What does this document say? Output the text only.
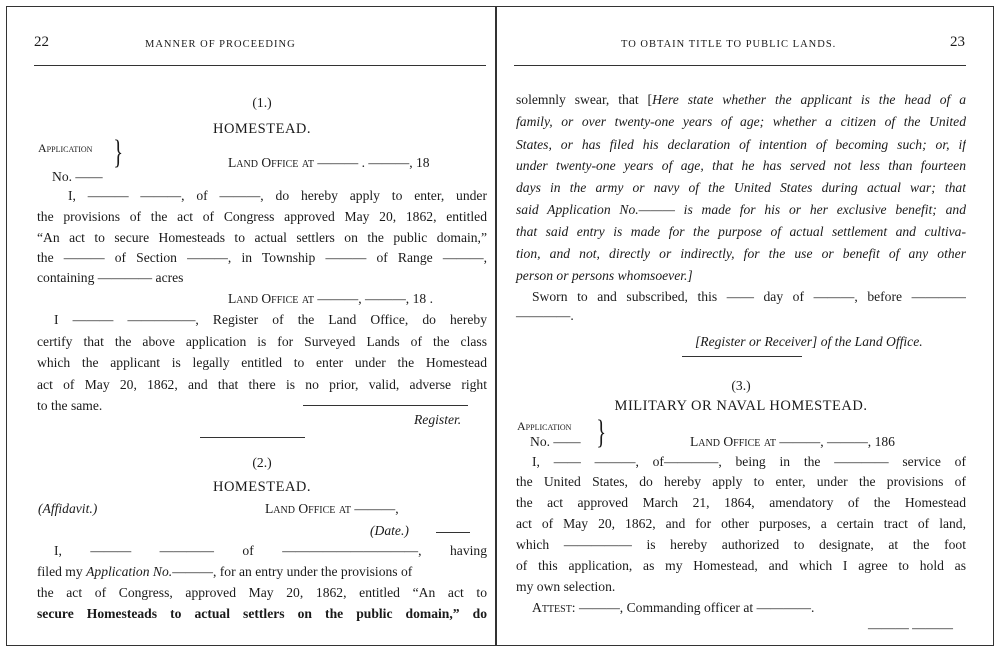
22	MANNER OF PROCEEDING
(1.)
HOMESTEAD.
Application }
No. ——
Land Office at ——— . ———, 18
I, ——— ———, of ———, do hereby apply to enter, under
the provisions of the act of Congress approved May 20, 1862, entitled
“An act to secure Homesteads to actual settlers on the public domain,”
the ——— of Section ———, in Township ——— of Range ———,
containing ———— acres
Land Office at ———, ———, 18 .
I ——— —————, Register of the Land Office, do hereby
certify that the above application is for Surveyed Lands of the class
which the applicant is legally entitled to enter under the Homestead
act of May 20, 1862, and that there is no prior, valid, adverse right
to the same.
Register.
(2.)
HOMESTEAD.
(Affidavit.)	Land Office at ———,
(Date.)
I, ——— ———— of ——————————, having
filed my Application No.———, for an entry under the provisions of
the act of Congress, approved May 20, 1862, entitled “An act to
secure Homesteads to actual settlers on the public domain,” do
TO OBTAIN TITLE TO PUBLIC LANDS.	23
solemnly swear, that [Here state whether the applicant is the head of a
family, or over twenty-one years of age; whether a citizen of the United
States, or has filed his declaration of intention of becoming such; or, if
under twenty-one years of age, that he has served not less than fourteen
days in the army or navy of the United States during actual war; that
said Application No.——— is made for his or her exclusive benefit; and
that said entry is made for the purpose of actual settlement and cultiva-
tion, and not, directly or indirectly, for the use or benefit of any other
person or persons whomsoever.]
Sworn to and subscribed, this —— day of ———, before ————
————.
[Register or Receiver] of the Land Office.
(3.)
MILITARY OR NAVAL HOMESTEAD.
Application }
No. ——	Land Office at ———, ———, 186
I, —— ———, of————, being in the ———— service of
the United States, do hereby apply to enter, under the provisions of
the act approved March 21, 1864, amendatory of the Homestead
act of May 20, 1862, and for other purposes, a certain tract of land,
which ————— is hereby authorized to designate, at the foot
of this application, as my Homestead, and which I agree to hold as
my own selection.
Attest: ———, Commanding officer at ————.
——— ———
